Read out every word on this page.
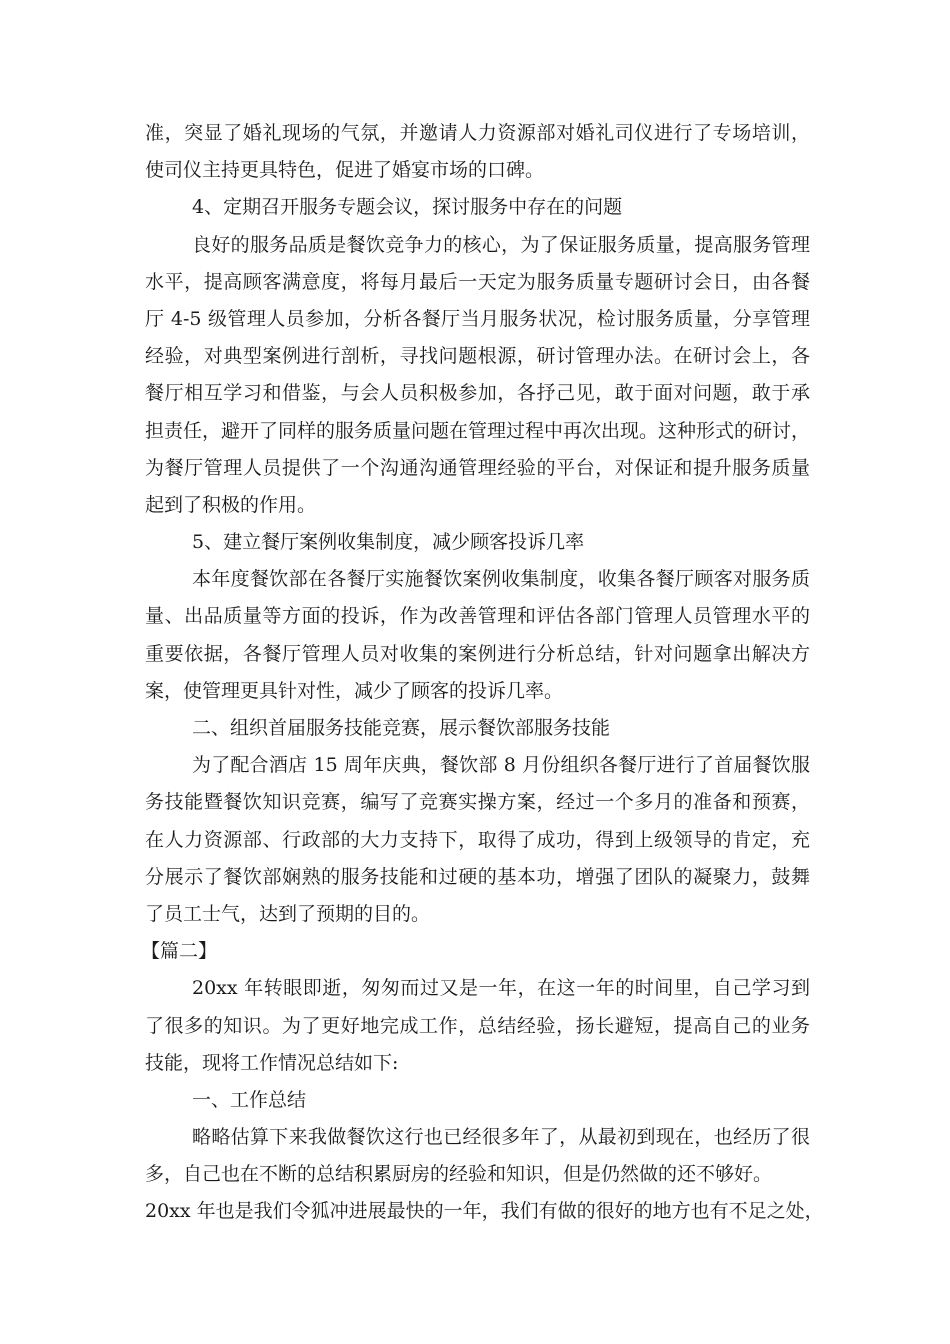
准，突显了婚礼现场的气氛，并邀请人力资源部对婚礼司仪进行了专场培训，
使司仪主持更具特色，促进了婚宴市场的口碑。
4、定期召开服务专题会议，探讨服务中存在的问题
良好的服务品质是餐饮竞争力的核心，为了保证服务质量，提高服务管理
水平，提高顾客满意度，将每月最后一天定为服务质量专题研讨会日，由各餐
厅 4-5 级管理人员参加，分析各餐厅当月服务状况，检讨服务质量，分享管理
经验，对典型案例进行剖析，寻找问题根源，研讨管理办法。在研讨会上，各
餐厅相互学习和借鉴，与会人员积极参加，各抒己见，敢于面对问题，敢于承
担责任，避开了同样的服务质量问题在管理过程中再次出现。这种形式的研讨，
为餐厅管理人员提供了一个沟通沟通管理经验的平台，对保证和提升服务质量
起到了积极的作用。
5、建立餐厅案例收集制度，减少顾客投诉几率
本年度餐饮部在各餐厅实施餐饮案例收集制度，收集各餐厅顾客对服务质
量、出品质量等方面的投诉，作为改善管理和评估各部门管理人员管理水平的
重要依据，各餐厅管理人员对收集的案例进行分析总结，针对问题拿出解决方
案，使管理更具针对性，减少了顾客的投诉几率。
二、组织首届服务技能竞赛，展示餐饮部服务技能
为了配合酒店 15 周年庆典，餐饮部 8 月份组织各餐厅进行了首届餐饮服
务技能暨餐饮知识竞赛，编写了竞赛实操方案，经过一个多月的准备和预赛，
在人力资源部、行政部的大力支持下，取得了成功，得到上级领导的肯定，充
分展示了餐饮部娴熟的服务技能和过硬的基本功，增强了团队的凝聚力，鼓舞
了员工士气，达到了预期的目的。
【篇二】
20xx 年转眼即逝，匆匆而过又是一年，在这一年的时间里，自己学习到
了很多的知识。为了更好地完成工作，总结经验，扬长避短，提高自己的业务
技能，现将工作情况总结如下:
一、工作总结
略略估算下来我做餐饮这行也已经很多年了，从最初到现在，也经历了很
多，自己也在不断的总结积累厨房的经验和知识，但是仍然做的还不够好。
20xx 年也是我们令狐冲进展最快的一年，我们有做的很好的地方也有不足之处，
